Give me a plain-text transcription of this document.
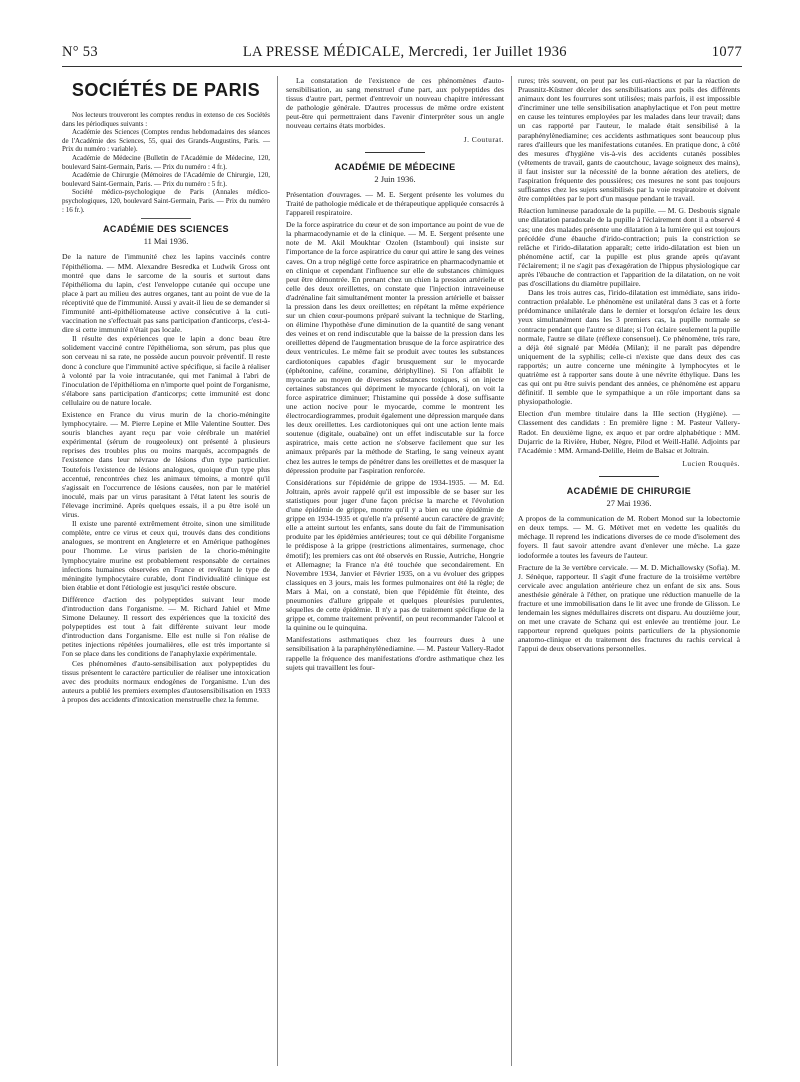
N° 53	LA PRESSE MÉDICALE, Mercredi, 1er Juillet 1936	1077
SOCIÉTÉS DE PARIS

Nos lecteurs trouveront les comptes rendus in extenso de ces Sociétés dans les périodiques suivants :

Académie des Sciences (Comptes rendus hebdomadaires des séances de l'Académie des Sciences, 55, quai des Grands-Augustins, Paris. — Prix du numéro : variable).

Académie de Médecine (Bulletin de l'Académie de Médecine, 120, boulevard Saint-Germain, Paris. — Prix du numéro : 4 fr.).

Académie de Chirurgie (Mémoires de l'Académie de Chirurgie, 120, boulevard Saint-Germain, Paris. — Prix du numéro : 5 fr.).

Société médico-psychologique de Paris (Annales médico-psychologiques, 120, boulevard Saint-Germain, Paris. — Prix du numéro : 16 fr.).

ACADÉMIE DES SCIENCES
11 Mai 1936.

De la nature de l'immunité chez les lapins vaccinés contre l'épithélioma. — MM. Alexandre Besredka et Ludwik Gross ont montré que dans le sarcome de la souris et surtout dans l'épithélioma du lapin, c'est l'enveloppe cutanée qui occupe une place à part au milieu des autres organes, tant au point de vue de la réceptivité que de l'immunité. Aussi y avait-il lieu de se demander si l'immunité anti-épithéliomateuse active consécutive à la cuti-vaccination ne s'effectuait pas sans participation d'anticorps, c'est-à-dire si cette immunité n'était pas locale.

Il résulte des expériences que le lapin a donc beau être solidement vacciné contre l'épithélioma, son sérum, pas plus que son cerveau ni sa rate, ne possède aucun pouvoir préventif. Il reste donc à conclure que l'immunité active spécifique, si facile à réaliser à volonté par la voie intracutanée, qui met l'animal à l'abri de l'inoculation de l'épithélioma en n'importe quel point de l'organisme, s'élabore sans participation d'anticorps; cette immunité est donc cellulaire ou de nature locale.

Existence en France du virus murin de la chorio-méningite lymphocytaire. — M. Pierre Lepine et Mlle Valentine Soutter. Des souris blanches ayant reçu par voie cérébrale un matériel expérimental (sérum de rougeoleux) ont présenté à plusieurs reprises des troubles plus ou moins marqués, accompagnés de l'existence dans leur névraxe de lésions d'un type particulier. Toutefois l'existence de lésions analogues, quoique d'un type plus accentué, rencontrées chez les animaux témoins, a montré qu'il s'agissait en l'occurrence de lésions causées, non par le matériel inoculé, mais par un virus parasitant à l'état latent les souris de l'élevage incriminé. Après quelques essais, il a pu être isolé un virus.

Il existe une parenté extrêmement étroite, sinon une similitude complète, entre ce virus et ceux qui, trouvés dans des conditions analogues, se montrent en Angleterre et en Amérique pathogènes pour l'homme. Le virus parisien de la chorio-méningite lymphocytaire murine est probablement responsable de certaines infections humaines observées en France et revêtant le type de méningite lymphocytaire curable, dont l'individualité clinique est bien établie et dont l'étiologie est jusqu'ici restée obscure.

Différence d'action des polypeptides suivant leur mode d'introduction dans l'organisme. — M. Richard Jahiel et Mme Simone Delauney. Il ressort des expériences que la toxicité des polypeptides est tout à fait différente suivant leur mode d'introduction dans l'organisme. Elle est nulle si l'on réalise de petites injections répétées journalières, elle est très importante si l'on se place dans les conditions de l'anaphylaxie expérimentale.

Ces phénomènes d'auto-sensibilisation aux polypeptides du tissus présentent le caractère particulier de réaliser une intoxication avec des produits normaux endogènes de l'organisme. L'un des auteurs a publié les premiers exemples d'autosensibilisation en 1933 à propos des accidents d'intoxication menstruelle chez la femme.

La constatation de l'existence de ces phénomènes d'auto-sensibilisation, au sang menstruel d'une part, aux polypeptides des tissus d'autre part, permet d'entrevoir un nouveau chapitre intéressant de pathologie générale. D'autres processus de même ordre existent peut-être qui permettraient dans l'avenir d'interpréter sous un angle nouveau certains états morbides.

J. Couturat.
ACADÉMIE DE MÉDECINE
2 Juin 1936.

Présentation d'ouvrages. — M. E. Sergent présente les volumes du Traité de pathologie médicale et de thérapeutique appliquée consacrés à l'appareil respiratoire.

De la force aspiratrice du cœur et de son importance au point de vue de la pharmacodynamie et de la clinique. — M. E. Sergent présente une note de M. Akil Moukhtar Ozolen (Istamboul) qui insiste sur l'importance de la force aspiratrice du cœur qui attire le sang des veines caves. On a trop négligé cette force aspiratrice en pharmacodynamie et en clinique et cependant l'influence sur elle de substances chimiques peut être démontrée. En prenant chez un chien la pression artérielle et celle des deux oreillettes, on constate que l'injection intraveineuse d'adrénaline fait simultanément monter la pression artérielle et baisser la pression dans les deux oreillettes; en répétant la même expérience sur un chien cœur-poumons préparé suivant la technique de Starling, on élimine l'hypothèse d'une diminution de la quantité de sang venant des veines et on rend indiscutable que la baisse de la pression dans les oreillettes dépend de l'augmentation brusque de la force aspiratrice des deux ventricules. Le même fait se produit avec toutes les substances cardiotoniques capables d'agir brusquement sur le myocarde (éphétonine, caféine, coramine, dériphylline). Si l'on affaiblit le myocarde au moyen de diverses substances toxiques, si on injecte certaines substances qui dépriment le myocarde (chloral), on voit la force aspiratrice diminuer; l'histamine qui possède à dose suffisante une action nocive pour le myocarde, comme le montrent les électrocardiogrammes, produit également une dépression marquée dans les deux oreillettes. Les cardiotoniques qui ont une action lente mais soutenue (digitale, ouabaïne) ont un effet indiscutable sur la force aspiratrice, mais cette action ne s'observe facilement que sur les animaux préparés par la méthode de Starling, le sang veineux ayant chez les autres le temps de pénétrer dans les oreillettes et de masquer la dépression produite par l'aspiration renforcée.

Considérations sur l'épidémie de grippe de 1934-1935. — M. Ed. Joltrain, après avoir rappelé qu'il est impossible de se baser sur les statistiques pour juger d'une façon précise la marche et l'évolution d'une épidémie de grippe, montre qu'il y a bien eu une épidémie de grippe en 1934-1935 et qu'elle n'a présenté aucun caractère de gravité; elle a atteint surtout les enfants, sans doute du fait de l'immunisation produite par les épidémies antérieures; tout ce qui débilite l'organisme le prédispose à la grippe (restrictions alimentaires, surmenage, choc émotif); les premiers cas ont été observés en Russie, Autriche, Hongrie et Allemagne; la France n'a été touchée que secondairement. En Novembre 1934, Janvier et Février 1935, on a vu évoluer des grippes classiques en 3 jours, mais les formes pulmonaires ont été la règle; de Mars à Mai, on a constaté, bien que l'épidémie fût éteinte, des pneumonies d'allure grippale et quelques pleurésies purulentes, séquelles de cette épidémie. Il n'y a pas de traitement spécifique de la grippe et, comme traitement préventif, on peut recommander l'alcool et la quinine ou le quinquina.

Manifestations asthmatiques chez les fourreurs dues à une sensibilisation à la paraphénylènediamine. — M. Pasteur Vallery-Radot rappelle la fréquence des manifestations d'ordre asthmatique chez les sujets qui travaillent les four-

rures; très souvent, on peut par les cuti-réactions et par la réaction de Prausnitz-Küstner déceler des sensibilisations aux poils des différents animaux dont les fourrures sont utilisées; mais parfois, il est impossible d'incriminer une telle sensibilisation anaphylactique et l'on peut mettre en cause les teintures employées par les malades dans leur travail; dans un cas rapporté par l'auteur, le malade était sensibilisé à la paraphénylènediamine; ces accidents asthmatiques sont beaucoup plus rares d'ailleurs que les manifestations cutanées. En pratique donc, à côté des mesures d'hygiène vis-à-vis des accidents cutanés possibles (vêtements de travail, gants de caoutchouc, lavage soigneux des mains), il faut insister sur la nécessité de la bonne aération des ateliers, de l'aspiration fréquente des poussières; ces mesures ne sont pas toujours suffisantes chez les sujets sensibilisés par la voie respiratoire et doivent être complétées par le port d'un masque pendant le travail.

Réaction lumineuse paradoxale de la pupille. — M. G. Desbouis signale une dilatation paradoxale de la pupille à l'éclairement dont il a observé 4 cas; une des malades présente une dilatation à la lumière qui est toujours précédée d'une ébauche d'irido-contraction; puis la constriction se relâche et l'irido-dilatation apparaît; cette irido-dilatation est bien un phénomène actif, car la pupille est plus grande après qu'avant l'éclairement; il ne s'agit pas d'exagération de l'hippus physiologique car après l'ébauche de contraction et l'apparition de la dilatation, on ne voit pas d'oscillations du diamètre pupillaire.

Dans les trois autres cas, l'irido-dilatation est immédiate, sans irido-contraction préalable. Le phénomène est unilatéral dans 3 cas et à forte prédominance unilatérale dans le dernier et lorsqu'on éclaire les deux yeux simultanément dans les 3 premiers cas, la pupille normale se contracte pendant que l'autre se dilate; si l'on éclaire seulement la pupille normale, l'autre se dilate (réflexe consensuel). Ce phénomène, très rare, a déjà été signalé par Médéa (Milan); il ne paraît pas dépendre uniquement de la syphilis; celle-ci n'existe que dans deux des cas rapportés; un autre concerne une méningite à lymphocytes et le quatrième est à rapporter sans doute à une névrite éthylique. Dans les cas qui ont pu être suivis pendant des années, ce phénomène est apparu définitif. Il semble que le sympathique a un rôle important dans sa physiopathologie.

Election d'un membre titulaire dans la IIIe section (Hygiène). — Classement des candidats : En première ligne : M. Pasteur Vallery-Radot. En deuxième ligne, ex æquo et par ordre alphabétique : MM. Dujarric de la Rivière, Huber, Nègre, Pilod et Weill-Hallé. Adjoints par l'Académie : MM. Armand-Delille, Heim de Balsac et Joltrain.

Lucien Rouquès.
ACADÉMIE DE CHIRURGIE
27 Mai 1936.

A propos de la communication de M. Robert Monod sur la lobectomie en deux temps. — M. G. Métivet met en vedette les qualités du méchage. Il reprend les indications diverses de ce mode d'isolement des foyers. Il faut savoir attendre avant d'enlever une mèche. La gaze iodoformée a toutes les faveurs de l'auteur.

Fracture de la 3e vertèbre cervicale. — M. D. Michaïlowsky (Sofia). M. J. Sénèque, rapporteur. Il s'agit d'une fracture de la troisième vertèbre cervicale avec angulation antérieure chez un enfant de six ans. Sous anesthésie générale à l'éther, on pratique une réduction manuelle de la fracture et une immobilisation dans le lit avec une fronde de Glisson. Le lendemain les signes médullaires discrets ont disparu. Au douzième jour, on met une cravate de Schanz qui est enlevée au trentième jour. Le rapporteur reprend quelques points particuliers de la physionomie anatomo-clinique et du traitement des fractures du rachis cervical à l'appui de deux observations personnelles.
